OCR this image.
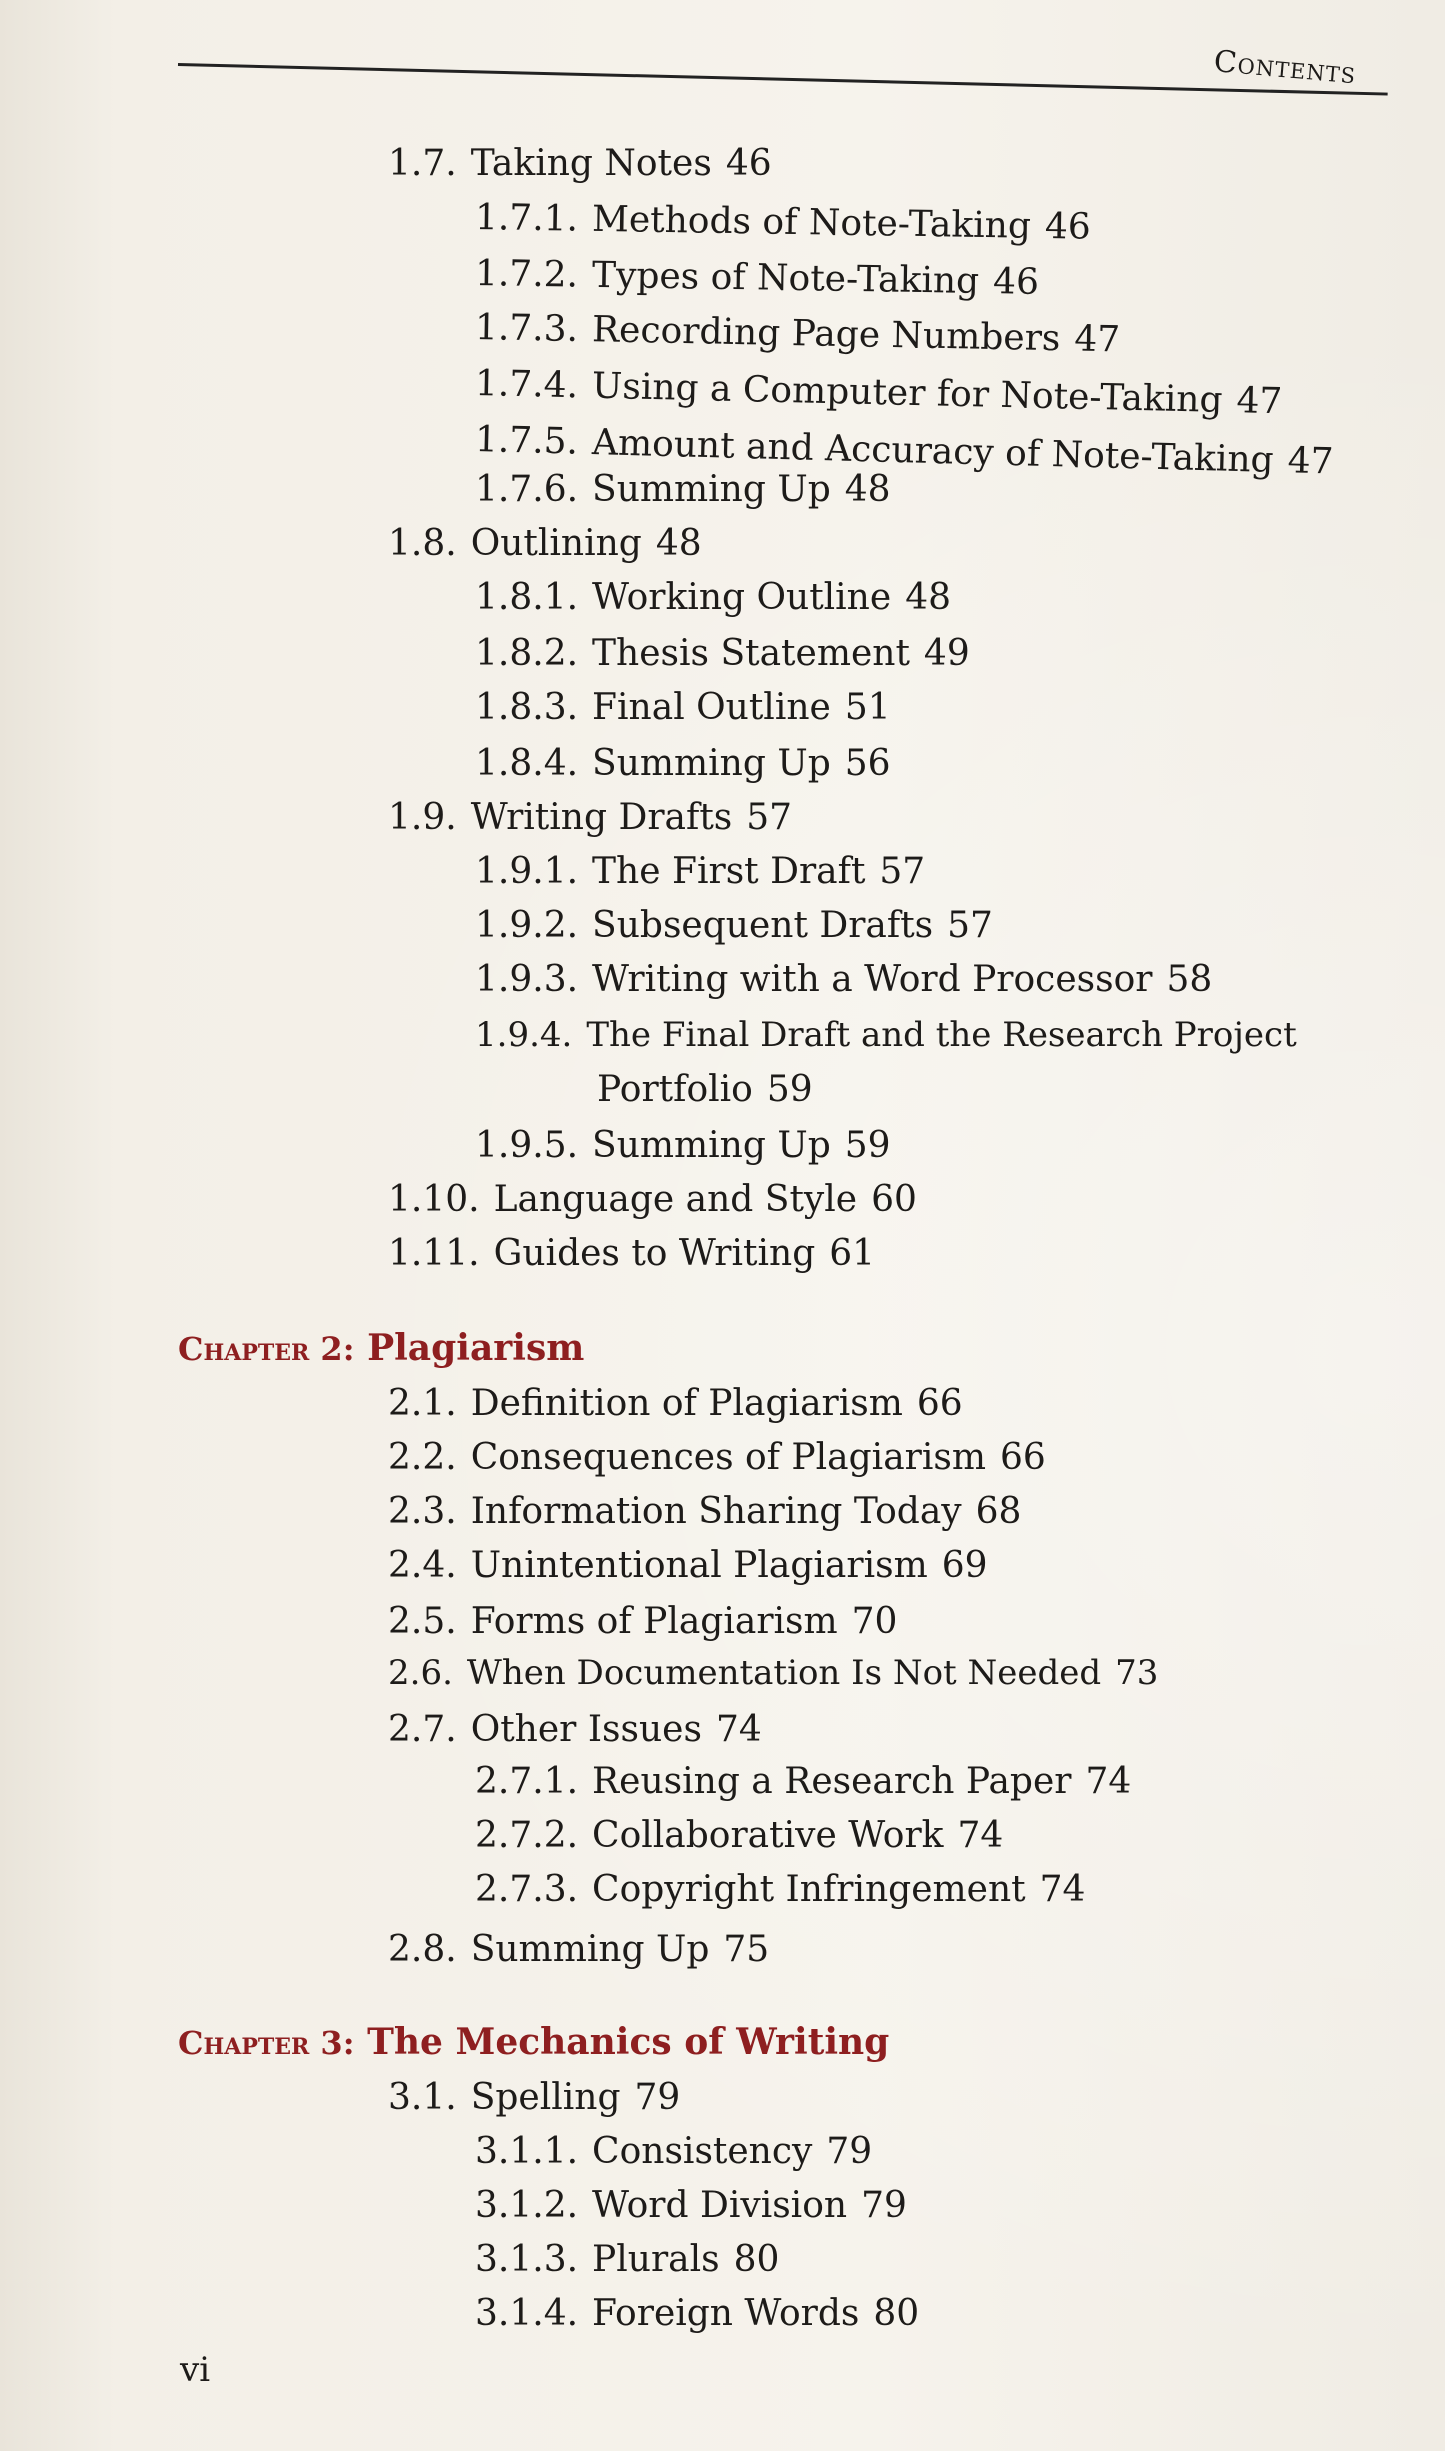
Contents
1.7. Taking Notes 46
1.7.1. Methods of Note-Taking 46
1.7.2. Types of Note-Taking 46
1.7.3. Recording Page Numbers 47
1.7.4. Using a Computer for Note-Taking 47
1.7.5. Amount and Accuracy of Note-Taking 47
1.7.6. Summing Up 48
1.8. Outlining 48
1.8.1. Working Outline 48
1.8.2. Thesis Statement 49
1.8.3. Final Outline 51
1.8.4. Summing Up 56
1.9. Writing Drafts 57
1.9.1. The First Draft 57
1.9.2. Subsequent Drafts 57
1.9.3. Writing with a Word Processor 58
1.9.4. The Final Draft and the Research Project
Portfolio 59
1.9.5. Summing Up 59
1.10. Language and Style 60
1.11. Guides to Writing 61
Chapter 2: Plagiarism
2.1. Definition of Plagiarism 66
2.2. Consequences of Plagiarism 66
2.3. Information Sharing Today 68
2.4. Unintentional Plagiarism 69
2.5. Forms of Plagiarism 70
2.6. When Documentation Is Not Needed 73
2.7. Other Issues 74
2.7.1. Reusing a Research Paper 74
2.7.2. Collaborative Work 74
2.7.3. Copyright Infringement 74
2.8. Summing Up 75
Chapter 3: The Mechanics of Writing
3.1. Spelling 79
3.1.1. Consistency 79
3.1.2. Word Division 79
3.1.3. Plurals 80
3.1.4. Foreign Words 80
vi
